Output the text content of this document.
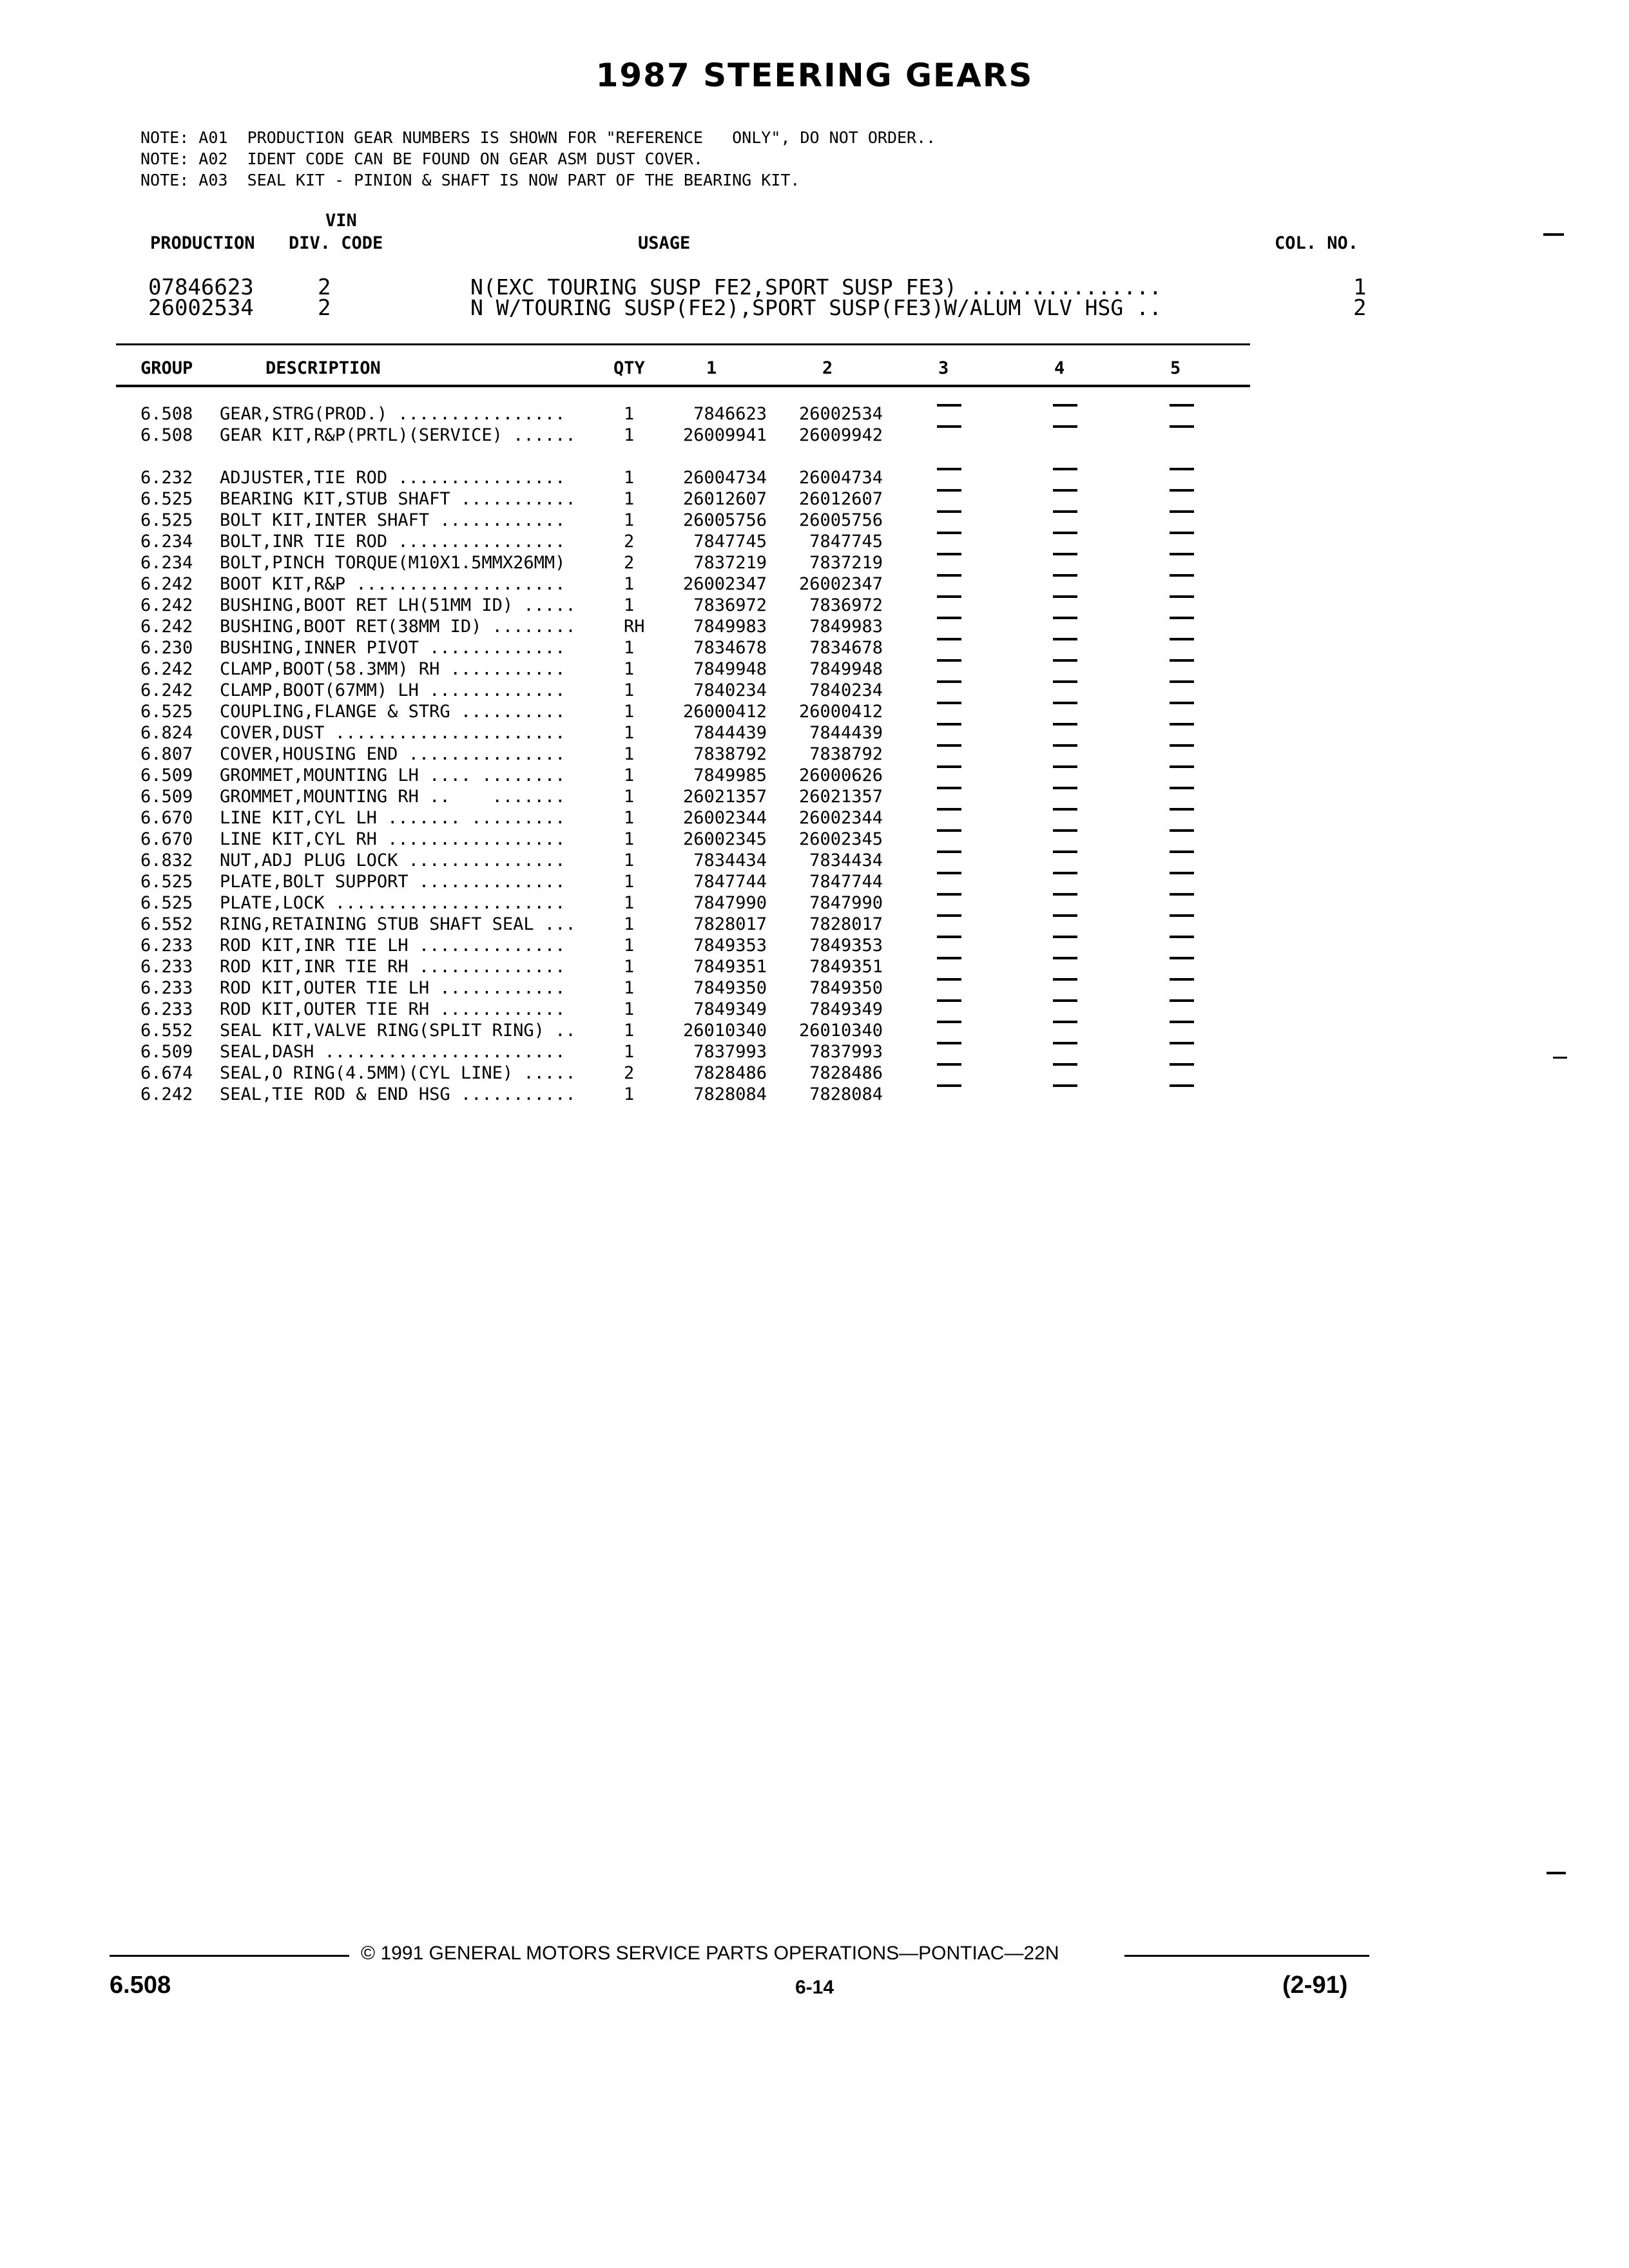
1987 STEERING GEARS
NOTE: A01  PRODUCTION GEAR NUMBERS IS SHOWN FOR "REFERENCE   ONLY", DO NOT ORDER..
NOTE: A02  IDENT CODE CAN BE FOUND ON GEAR ASM DUST COVER.
NOTE: A03  SEAL KIT - PINION & SHAFT IS NOW PART OF THE BEARING KIT.
VIN
PRODUCTION DIV. CODE	USAGE	COL. NO.
07846623	2	N(EXC TOURING SUSP FE2,SPORT SUSP FE3) ...............	1
26002534	2	N W/TOURING SUSP(FE2),SPORT SUSP(FE3)W/ALUM VLV HSG ..	2
GROUP	DESCRIPTION	QTY	1	2	3	4	5
6.508 GEAR,STRG(PROD.) ................	1	7846623	26002534
6.508 GEAR KIT,R&P(PRTL)(SERVICE) ......	1	26009941	26009942
6.232 ADJUSTER,TIE ROD ................	1	26004734	26004734
6.525 BEARING KIT,STUB SHAFT ...........	1	26012607	26012607
6.525 BOLT KIT,INTER SHAFT ............	1	26005756	26005756
6.234 BOLT,INR TIE ROD ................	2	7847745	7847745
6.234 BOLT,PINCH TORQUE(M10X1.5MMX26MM)	2	7837219	7837219
6.242 BOOT KIT,R&P ....................	1	26002347	26002347
6.242 BUSHING,BOOT RET LH(51MM ID) .....	1	7836972	7836972
6.242 BUSHING,BOOT RET(38MM ID) ........	RH	7849983	7849983
6.230 BUSHING,INNER PIVOT .............	1	7834678	7834678
6.242 CLAMP,BOOT(58.3MM) RH ...........	1	7849948	7849948
6.242 CLAMP,BOOT(67MM) LH .............	1	7840234	7840234
6.525 COUPLING,FLANGE & STRG ..........	1	26000412	26000412
6.824 COVER,DUST ......................	1	7844439	7844439
6.807 COVER,HOUSING END ...............	1	7838792	7838792
6.509 GROMMET,MOUNTING LH .... ........	1	7849985	26000626
6.509 GROMMET,MOUNTING RH ..    .......	1	26021357	26021357
6.670 LINE KIT,CYL LH ....... .........	1	26002344	26002344
6.670 LINE KIT,CYL RH .................	1	26002345	26002345
6.832 NUT,ADJ PLUG LOCK ...............	1	7834434	7834434
6.525 PLATE,BOLT SUPPORT ..............	1	7847744	7847744
6.525 PLATE,LOCK ......................	1	7847990	7847990
6.552 RING,RETAINING STUB SHAFT SEAL ...	1	7828017	7828017
6.233 ROD KIT,INR TIE LH ..............	1	7849353	7849353
6.233 ROD KIT,INR TIE RH ..............	1	7849351	7849351
6.233 ROD KIT,OUTER TIE LH ............	1	7849350	7849350
6.233 ROD KIT,OUTER TIE RH ............	1	7849349	7849349
6.552 SEAL KIT,VALVE RING(SPLIT RING) ..	1	26010340	26010340
6.509 SEAL,DASH .......................	1	7837993	7837993
6.674 SEAL,O RING(4.5MM)(CYL LINE) .....	2	7828486	7828486
6.242 SEAL,TIE ROD & END HSG ...........	1	7828084	7828084
© 1991 GENERAL MOTORS SERVICE PARTS OPERATIONS—PONTIAC—22N
6.508	6-14	(2-91)
